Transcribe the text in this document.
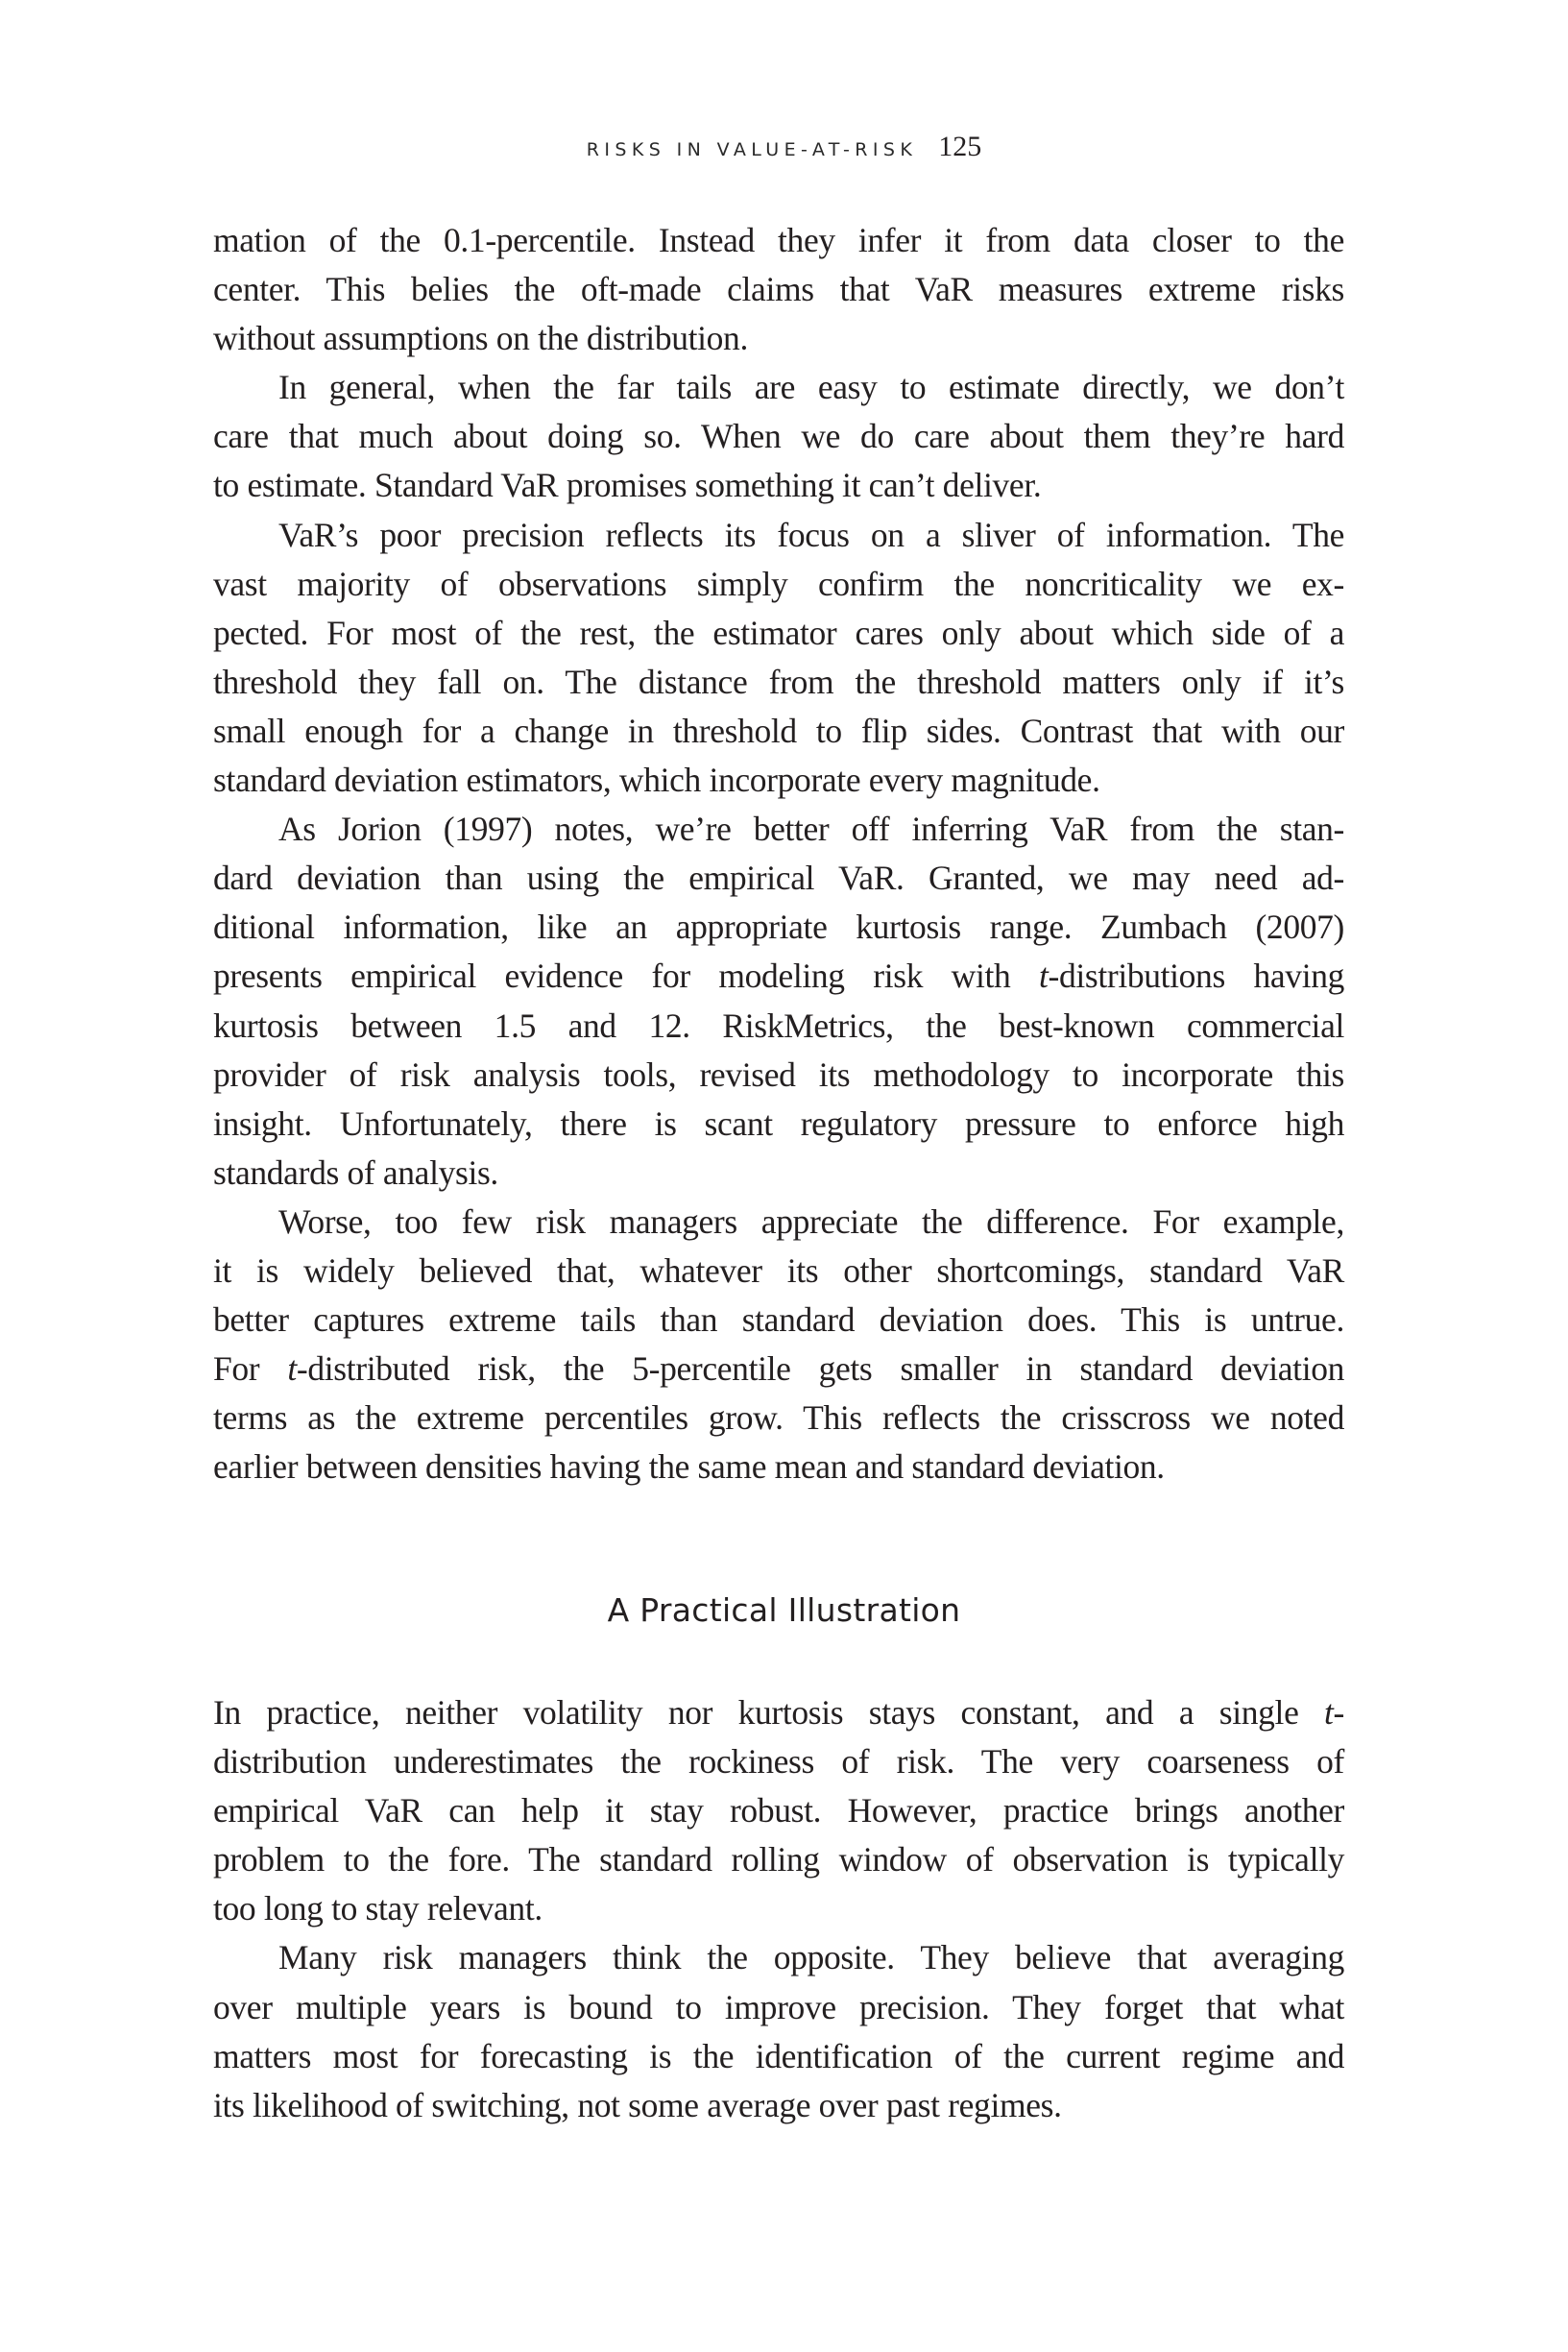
RISKS IN VALUE-AT-RISK 125
mation of the 0.1-percentile. Instead they infer it from data closer to the
center. This belies the oft-made claims that VaR measures extreme risks
without assumptions on the distribution.
In general, when the far tails are easy to estimate directly, we don’t
care that much about doing so. When we do care about them they’re hard
to estimate. Standard VaR promises something it can’t deliver.
VaR’s poor precision reflects its focus on a sliver of information. The
vast majority of observations simply confirm the noncriticality we ex-
pected. For most of the rest, the estimator cares only about which side of a
threshold they fall on. The distance from the threshold matters only if it’s
small enough for a change in threshold to flip sides. Contrast that with our
standard deviation estimators, which incorporate every magnitude.
As Jorion (1997) notes, we’re better off inferring VaR from the stan-
dard deviation than using the empirical VaR. Granted, we may need ad-
ditional information, like an appropriate kurtosis range. Zumbach (2007)
presents empirical evidence for modeling risk with t-distributions having
kurtosis between 1.5 and 12. RiskMetrics, the best-known commercial
provider of risk analysis tools, revised its methodology to incorporate this
insight. Unfortunately, there is scant regulatory pressure to enforce high
standards of analysis.
Worse, too few risk managers appreciate the difference. For example,
it is widely believed that, whatever its other shortcomings, standard VaR
better captures extreme tails than standard deviation does. This is untrue.
For t-distributed risk, the 5-percentile gets smaller in standard deviation
terms as the extreme percentiles grow. This reflects the crisscross we noted
earlier between densities having the same mean and standard deviation.
A Practical Illustration
In practice, neither volatility nor kurtosis stays constant, and a single t-
distribution underestimates the rockiness of risk. The very coarseness of
empirical VaR can help it stay robust. However, practice brings another
problem to the fore. The standard rolling window of observation is typically
too long to stay relevant.
Many risk managers think the opposite. They believe that averaging
over multiple years is bound to improve precision. They forget that what
matters most for forecasting is the identification of the current regime and
its likelihood of switching, not some average over past regimes.
